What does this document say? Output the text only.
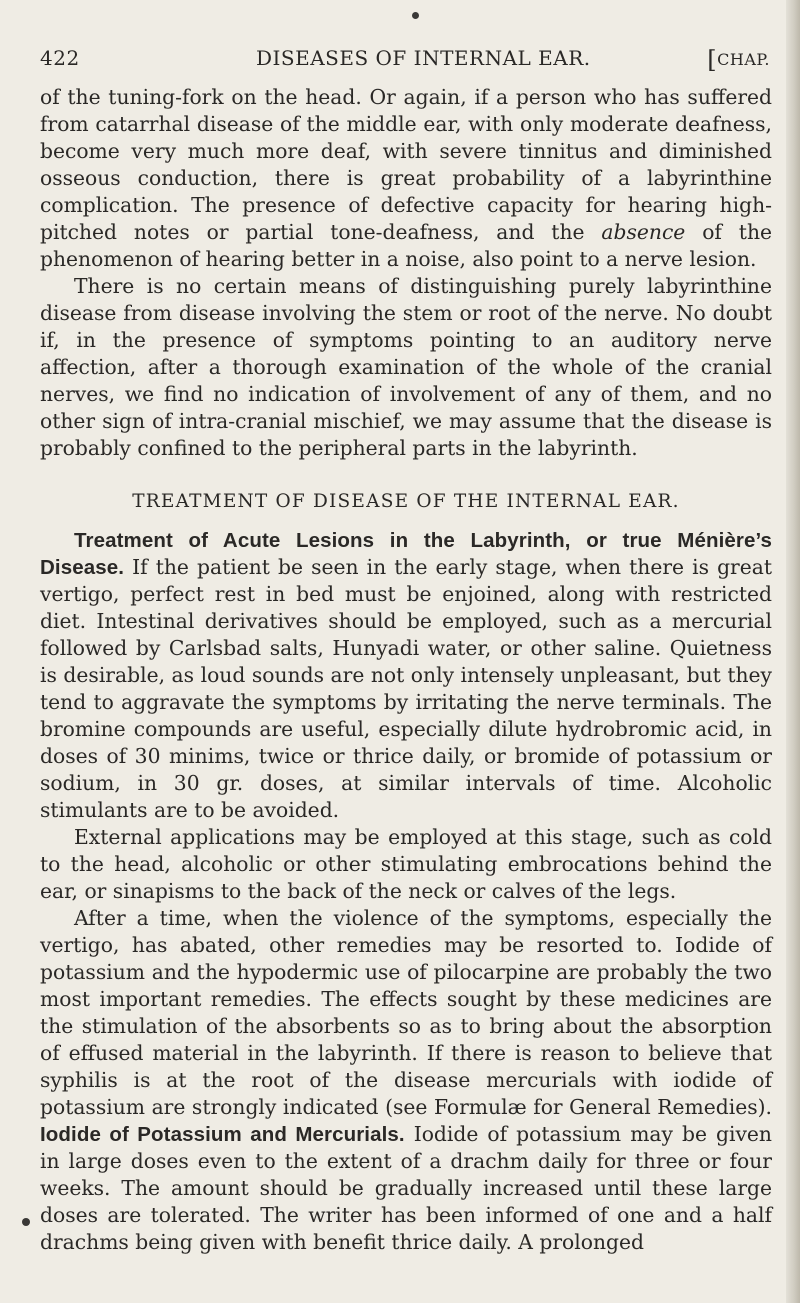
422	DISEASES OF INTERNAL EAR.	[CHAP.

of the tuning-fork on the head. Or again, if a person who has suffered from catarrhal disease of the middle ear, with only moderate deafness, become very much more deaf, with severe tinnitus and diminished osseous conduction, there is great probability of a labyrinthine complication. The presence of defective capacity for hearing high-pitched notes or partial tone-deafness, and the absence of the phenomenon of hearing better in a noise, also point to a nerve lesion.

There is no certain means of distinguishing purely labyrinthine disease from disease involving the stem or root of the nerve. No doubt if, in the presence of symptoms pointing to an auditory nerve affection, after a thorough examination of the whole of the cranial nerves, we find no indication of involvement of any of them, and no other sign of intra-cranial mischief, we may assume that the disease is probably confined to the peripheral parts in the labyrinth.

TREATMENT OF DISEASE OF THE INTERNAL EAR.

Treatment of Acute Lesions in the Labyrinth, or true Ménière’s Disease. If the patient be seen in the early stage, when there is great vertigo, perfect rest in bed must be enjoined, along with restricted diet. Intestinal derivatives should be employed, such as a mercurial followed by Carlsbad salts, Hunyadi water, or other saline. Quietness is desirable, as loud sounds are not only intensely unpleasant, but they tend to aggravate the symptoms by irritating the nerve terminals. The bromine compounds are useful, especially dilute hydrobromic acid, in doses of 30 minims, twice or thrice daily, or bromide of potassium or sodium, in 30 gr. doses, at similar intervals of time. Alcoholic stimulants are to be avoided.

External applications may be employed at this stage, such as cold to the head, alcoholic or other stimulating embrocations behind the ear, or sinapisms to the back of the neck or calves of the legs.

After a time, when the violence of the symptoms, especially the vertigo, has abated, other remedies may be resorted to. Iodide of potassium and the hypodermic use of pilocarpine are probably the two most important remedies. The effects sought by these medicines are the stimulation of the absorbents so as to bring about the absorption of effused material in the labyrinth. If there is reason to believe that syphilis is at the root of the disease mercurials with iodide of potassium are strongly indicated (see Formulæ for General Remedies). Iodide of Potassium and Mercurials. Iodide of potassium may be given in large doses even to the extent of a drachm daily for three or four weeks. The amount should be gradually increased until these large doses are tolerated. The writer has been informed of one and a half drachms being given with benefit thrice daily. A prolonged
